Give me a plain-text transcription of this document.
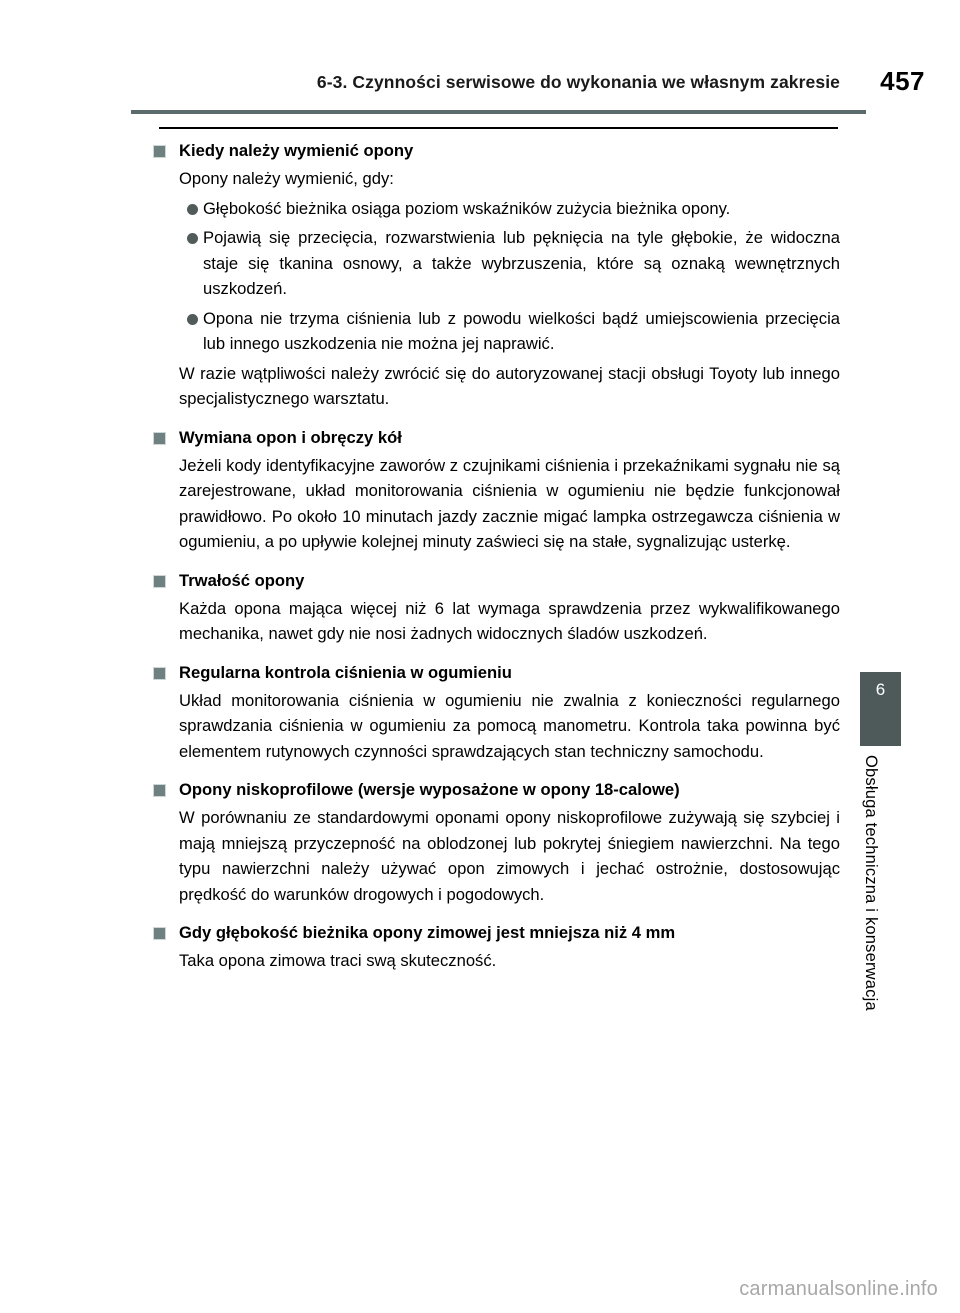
6-3. Czynności serwisowe do wykonania we własnym zakresie 457
Kiedy należy wymienić opony
Opony należy wymienić, gdy:
Głębokość bieżnika osiąga poziom wskaźników zużycia bieżnika opony.
Pojawią się przecięcia, rozwarstwienia lub pęknięcia na tyle głębokie, że widoczna staje się tkanina osnowy, a także wybrzuszenia, które są oznaką wewnętrznych uszkodzeń.
Opona nie trzyma ciśnienia lub z powodu wielkości bądź umiejscowienia przecięcia lub innego uszkodzenia nie można jej naprawić.
W razie wątpliwości należy zwrócić się do autoryzowanej stacji obsługi Toyoty lub innego specjalistycznego warsztatu.
Wymiana opon i obręczy kół
Jeżeli kody identyfikacyjne zaworów z czujnikami ciśnienia i przekaźnikami sygnału nie są zarejestrowane, układ monitorowania ciśnienia w ogumieniu nie będzie funkcjonował prawidłowo. Po około 10 minutach jazdy zacznie migać lampka ostrzegawcza ciśnienia w ogumieniu, a po upływie kolejnej minuty zaświeci się na stałe, sygnalizując usterkę.
Trwałość opony
Każda opona mająca więcej niż 6 lat wymaga sprawdzenia przez wykwalifikowanego mechanika, nawet gdy nie nosi żadnych widocznych śladów uszkodzeń.
Regularna kontrola ciśnienia w ogumieniu
Układ monitorowania ciśnienia w ogumieniu nie zwalnia z konieczności regularnego sprawdzania ciśnienia w ogumieniu za pomocą manometru. Kontrola taka powinna być elementem rutynowych czynności sprawdzających stan techniczny samochodu.
Opony niskoprofilowe (wersje wyposażone w opony 18-calowe)
W porównaniu ze standardowymi oponami opony niskoprofilowe zużywają się szybciej i mają mniejszą przyczepność na oblodzonej lub pokrytej śniegiem nawierzchni. Na tego typu nawierzchni należy używać opon zimowych i jechać ostrożnie, dostosowując prędkość do warunków drogowych i pogodowych.
Gdy głębokość bieżnika opony zimowej jest mniejsza niż 4 mm
Taka opona zimowa traci swą skuteczność.
6
Obsługa techniczna i konserwacja
carmanualsonline.info
